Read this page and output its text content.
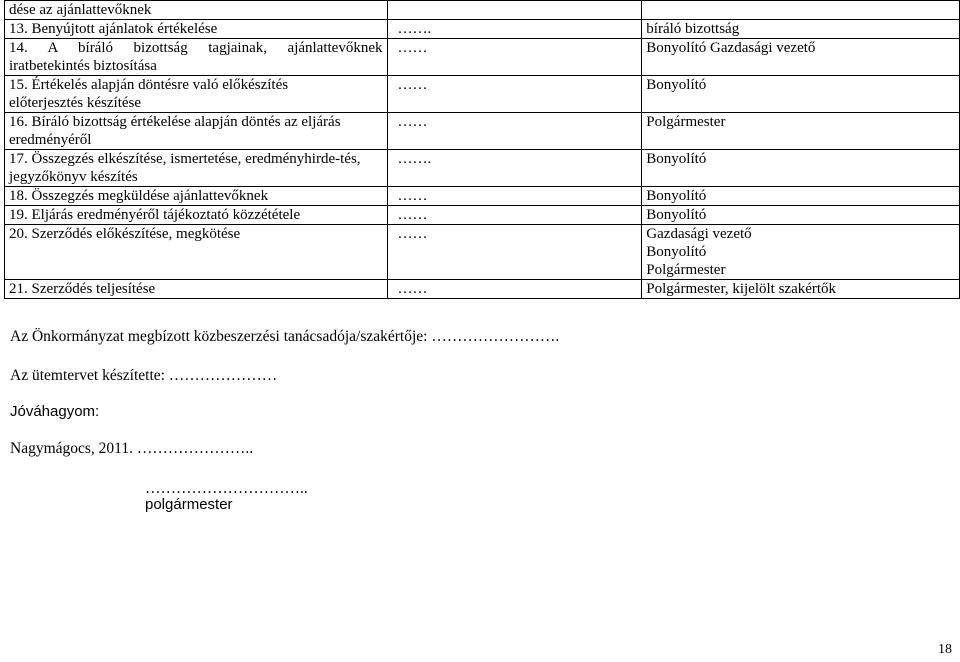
dése az ajánlattevőknek		

13. Benyújtott ajánlatok értékelése	…….	bíráló bizottság

14. A bíráló bizottság tagjainak, ajánlattevőknek iratbetekintés biztosítása	……	Bonyolító Gazdasági vezető

15. Értékelés alapján döntésre való előkészítés előterjesztés készítése	……	Bonyolító

16. Bíráló bizottság értékelése alapján döntés az eljárás eredményéről	……	Polgármester

17. Összegzés elkészítése, ismertetése, eredményhirde-tés, jegyzőkönyv készítés	…….	Bonyolító

18. Összegzés megküldése ajánlattevőknek	……	Bonyolító

19. Eljárás eredményéről tájékoztató közzététele	……	Bonyolító

20. Szerződés előkészítése, megkötése	……	Gazdasági vezető
Bonyolító
Polgármester

21. Szerződés teljesítése	……	Polgármester, kijelölt szakértők
Az Önkormányzat megbízott közbeszerzési tanácsadója/szakértője: …………………….
Az ütemtervet készítette: …………………
Jóváhagyom:
Nagymágocs, 2011. …………………..
…………………………..
polgármester
18
